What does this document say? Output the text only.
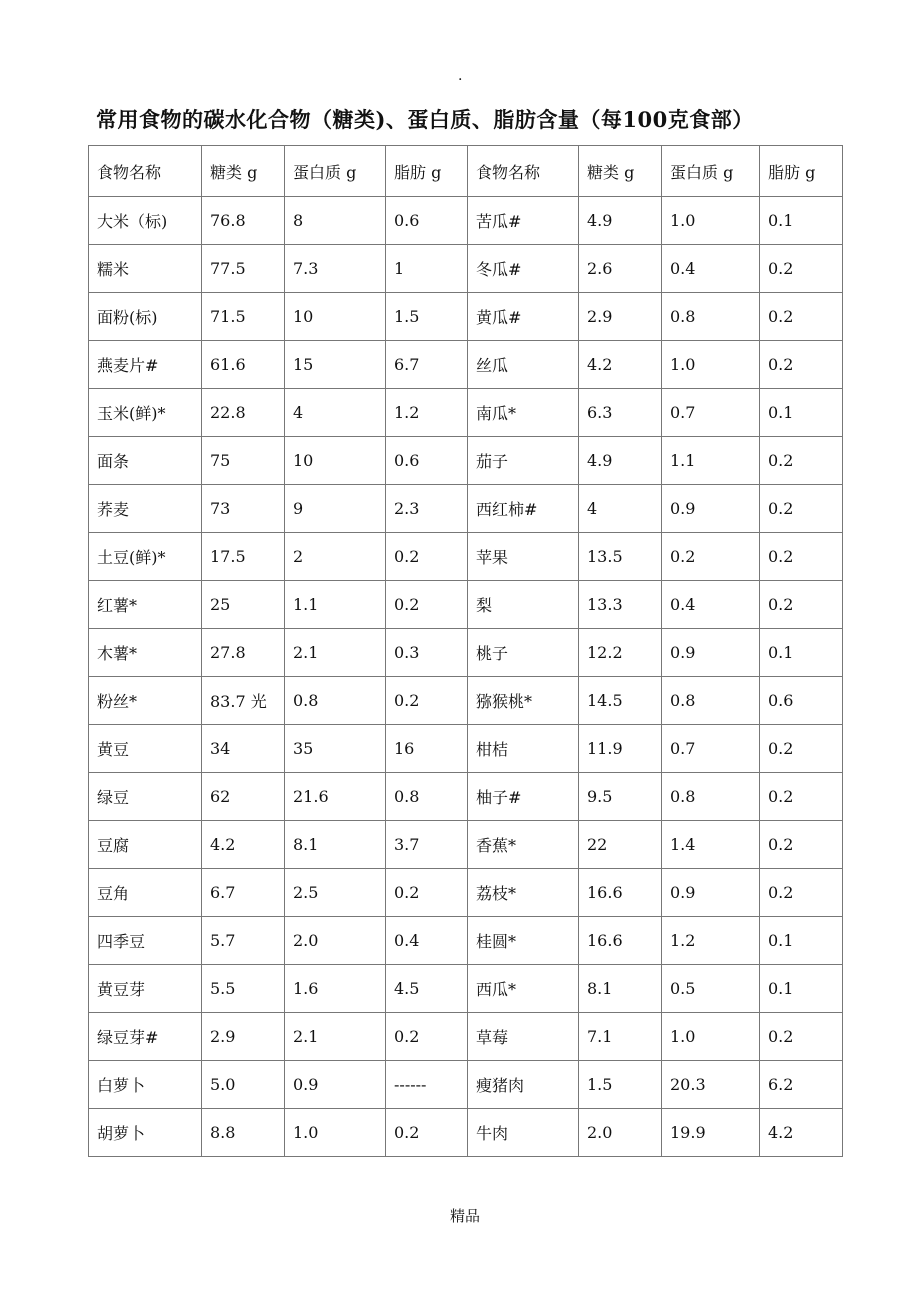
.
常用食物的碳水化合物（糖类)、蛋白质、脂肪含量（每100克食部）
食物名称	糖类 g	蛋白质 g	脂肪 g	食物名称	糖类 g	蛋白质 g	脂肪 g
大米（标)	76.8	8	0.6	苦瓜#	4.9	1.0	0.1
糯米	77.5	7.3	1	冬瓜#	2.6	0.4	0.2
面粉(标)	71.5	10	1.5	黄瓜#	2.9	0.8	0.2
燕麦片#	61.6	15	6.7	丝瓜	4.2	1.0	0.2
玉米(鲜)*	22.8	4	1.2	南瓜*	6.3	0.7	0.1
面条	75	10	0.6	茄子	4.9	1.1	0.2
荞麦	73	9	2.3	西红柿#	4	0.9	0.2
土豆(鲜)*	17.5	2	0.2	苹果	13.5	0.2	0.2
红薯*	25	1.1	0.2	梨	13.3	0.4	0.2
木薯*	27.8	2.1	0.3	桃子	12.2	0.9	0.1
粉丝*	83.7 光	0.8	0.2	猕猴桃*	14.5	0.8	0.6
黄豆	34	35	16	柑桔	11.9	0.7	0.2
绿豆	62	21.6	0.8	柚子#	9.5	0.8	0.2
豆腐	4.2	8.1	3.7	香蕉*	22	1.4	0.2
豆角	6.7	2.5	0.2	荔枝*	16.6	0.9	0.2
四季豆	5.7	2.0	0.4	桂圆*	16.6	1.2	0.1
黄豆芽	5.5	1.6	4.5	西瓜*	8.1	0.5	0.1
绿豆芽#	2.9	2.1	0.2	草莓	7.1	1.0	0.2
白萝卜	5.0	0.9	------	瘦猪肉	1.5	20.3	6.2
胡萝卜	8.8	1.0	0.2	牛肉	2.0	19.9	4.2
精品
